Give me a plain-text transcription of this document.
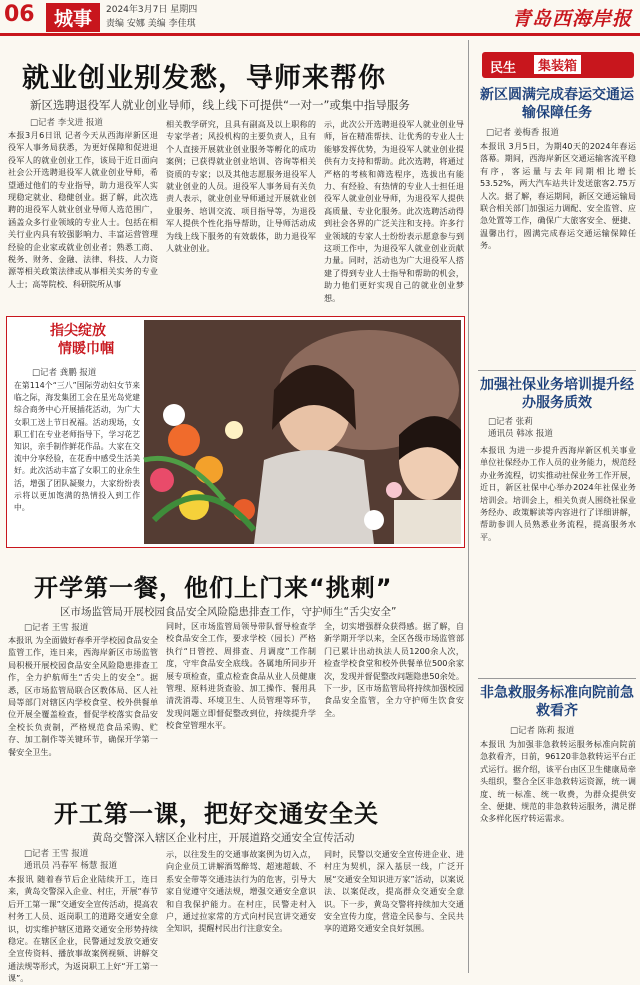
06	城事	2024年3月7日 星期四
责编 安娜 美编 李佳琪	青岛西海岸报
就业创业别发愁，导师来帮你
新区选聘退役军人就业创业导师，线上线下可提供“一对一”或集中指导服务
□记者 李戈进 报道
本报3月6日讯 记者今天从西海岸新区退役军人事务局获悉，为更好保障和促进退役军人的就业创业工作，该局于近日面向社会公开选聘退役军人就业创业导师，希望通过他们的专业指导，助力退役军人实现稳定就业、稳健创业。据了解，此次选聘的退役军人就业创业导师人选范围广，涵盖众多行业领域的专业人士。包括在相关行业内具有较强影响力、丰富运营管理经验的企业家或就业创业者；熟悉工商、税务、财务、金融、法律、科技、人力资源等相关政策法律或从事相关实务的专业人士；高等院校、科研院所从事
相关教学研究，且具有副高及以上职称的专家学者；风投机构的主要负责人，且有个人直接开展就业创业服务等孵化的成功案例；已获得就业创业培训、咨询等相关资质的专家；以及其他志愿服务退役军人就业创业的人员。退役军人事务局有关负责人表示，就业创业导师通过开展就业创业服务、培训交流、项目指导等，为退役军人提供个性化指导帮助，让导师活动成为线上线下服务的有效载体，助力退役军人就业创业。
示，此次公开选聘退役军人就业创业导师，旨在精准帮扶、让优秀的专业人士能够发挥优势，为退役军人就业创业提供有力支持和帮助。此次选聘，将通过严格的考核和筛选程序，选拔出有能力、有经验、有热情的专业人士担任退役军人就业创业导师，为退役军人提供高质量、专业化服务。此次选聘活动得到社会各界的广泛关注和支持。许多行业领域的专家人士纷纷表示愿意参与到这项工作中，为退役军人就业创业贡献力量。同时，活动也为广大退役军人搭建了得到专业人士指导和帮助的机会，助力他们更好实现自己的就业创业梦想。
指尖绽放
情暖巾帼
□记者 龚鹏 报道
在第114个“三八”国际劳动妇女节来临之际，海发集团工会在星光岛党建综合商务中心开展插花活动，为广大女职工送上节日祝福。活动现场，女职工们在专业老师指导下，学习花艺知识，亲手制作鲜花作品。大家在交流中分享经验，在花香中感受生活美好。此次活动丰富了女职工的业余生活，增强了团队凝聚力，大家纷纷表示将以更加饱满的热情投入到工作中。
开学第一餐，他们上门来“挑刺”
区市场监管局开展校园食品安全风险隐患排查工作，守护师生“舌尖安全”
□记者 王雪 报道
本报讯 为全面做好春季开学校园食品安全监管工作，连日来，西海岸新区市场监管局积极开展校园食品安全风险隐患排查工作，全力护航师生“舌尖上的安全”。据悉，区市场监管局联合区教体局、区人社局等部门对辖区内学校食堂、校外供餐单位开展全覆盖检查，督促学校落实食品安全校长负责制，严格规范食品采购、贮存、加工制作等关键环节，确保开学第一餐安全卫生。
同时，区市场监管局领导带队督导检查学校食品安全工作，要求学校（园长）严格执行“日管控、周排查、月调度”工作制度，守牢食品安全底线。各属地所同步开展专项检查，重点检查食品从业人员健康管理、原料进货查验、加工操作、餐用具清洗消毒、环境卫生、人员管理等环节，发现问题立即督促整改到位，持续提升学校食堂管理水平。
全，切实增强群众获得感。据了解，自新学期开学以来，全区各级市场监管部门已累计出动执法人员1200余人次，检查学校食堂和校外供餐单位500余家次，发现并督促整改问题隐患50余处。下一步，区市场监管局将持续加强校园食品安全监管，全力守护师生饮食安全。
开工第一课，把好交通安全关
黄岛交警深入辖区企业村庄，开展道路交通安全宣传活动
□记者 王雪 报道
通讯员 冯春军 杨慧 报道
本报讯 随着春节后企业陆续开工，连日来，黄岛交警深入企业、村庄，开展“春节后开工第一课”交通安全宣传活动，提高农村务工人员、返岗职工的道路交通安全意识，切实维护辖区道路交通安全形势持续稳定。在辖区企业，民警通过发放交通安全宣传资料、播放事故案例视频、讲解交通法规等形式，为返岗职工上好“开工第一课”。
示，以往发生的交通事故案例为切入点，向企业员工讲解酒驾醉驾、超速超载、不系安全带等交通违法行为的危害，引导大家自觉遵守交通法规，增强交通安全意识和自我保护能力。在村庄，民警走村入户，通过拉家常的方式向村民宣讲交通安全知识，提醒村民出行注意安全。
同时，民警以交通安全宣传进企业、进村庄为契机，深入基层一线，广泛开展“交通安全知识进万家”活动，以案说法、以案促改，提高群众交通安全意识。下一步，黄岛交警将持续加大交通安全宣传力度，营造全民参与、全民共享的道路交通安全良好氛围。
民生	集装箱
新区圆满完成春运交通运输保障任务
□记者 姜梅香 报道
本报讯 3月5日，为期40天的2024年春运落幕。期间，西海岸新区交通运输客流平稳有序，客运量与去年同期相比增长53.52%，两大汽车站共计发送旅客2.75万人次。据了解，春运期间，新区交通运输局联合相关部门加强运力调配、安全监管、应急处置等工作，确保广大旅客安全、便捷、温馨出行，圆满完成春运交通运输保障任务。
加强社保业务培训提升经办服务质效
□记者 张莉
通讯员 韩冰 报道
本报讯 为进一步提升西海岸新区机关事业单位社保经办工作人员的业务能力，规范经办业务流程，切实推动社保业务工作开展，近日，新区社保中心举办2024年社保业务培训会。培训会上，相关负责人围绕社保业务经办、政策解读等内容进行了详细讲解，帮助参训人员熟悉业务流程，提高服务水平。
非急救服务标准向院前急救看齐
□记者 陈莉 报道
本报讯 为加强非急救转运服务标准向院前急救看齐，日前，96120非急救转运平台正式运行。据介绍，该平台由区卫生健康局牵头组织，整合全区非急救转运资源，统一调度、统一标准、统一收费，为群众提供安全、便捷、规范的非急救转运服务，满足群众多样化医疗转运需求。
